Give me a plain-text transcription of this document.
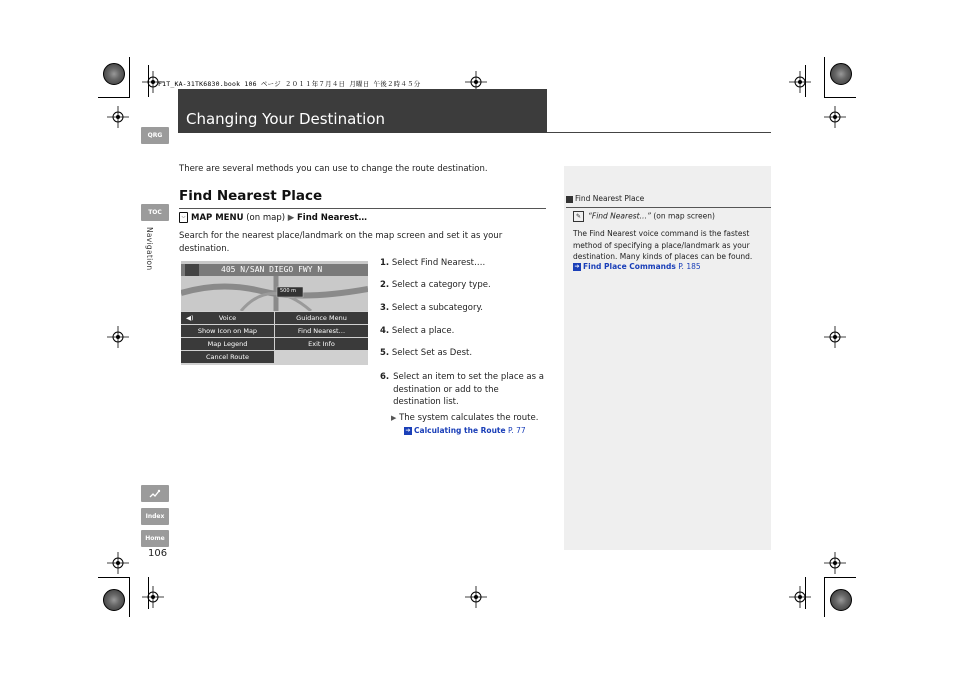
F1T_KA-31TK6830.book 106 ページ ２０１１年７月４日 月曜日 午後２時４５分
Changing Your Destination
QRG
TOC
Navigation
Index
Home
106
There are several methods you can use to change the route destination.
Find Nearest Place
⌵ MAP MENU (on map) ▶ Find Nearest…
Search for the nearest place/landmark on the map screen and set it as your destination.
405 N/SAN DIEGO FWY N
500 m
◀)	Voice	Guidance Menu
Show Icon on Map	Find Nearest…
Map Legend	Exit Info
Cancel Route
1. Select Find Nearest….
2. Select a category type.
3. Select a subcategory.
4. Select a place.
5. Select Set as Dest.
6. Select an item to set the place as a destination or add to the destination list.
▶ The system calculates the route.
➔ Calculating the Route P. 77
Find Nearest Place
✎ “Find Nearest…” (on map screen)
The Find Nearest voice command is the fastest method of specifying a place/landmark as your destination. Many kinds of places can be found.
➔ Find Place Commands P. 185
